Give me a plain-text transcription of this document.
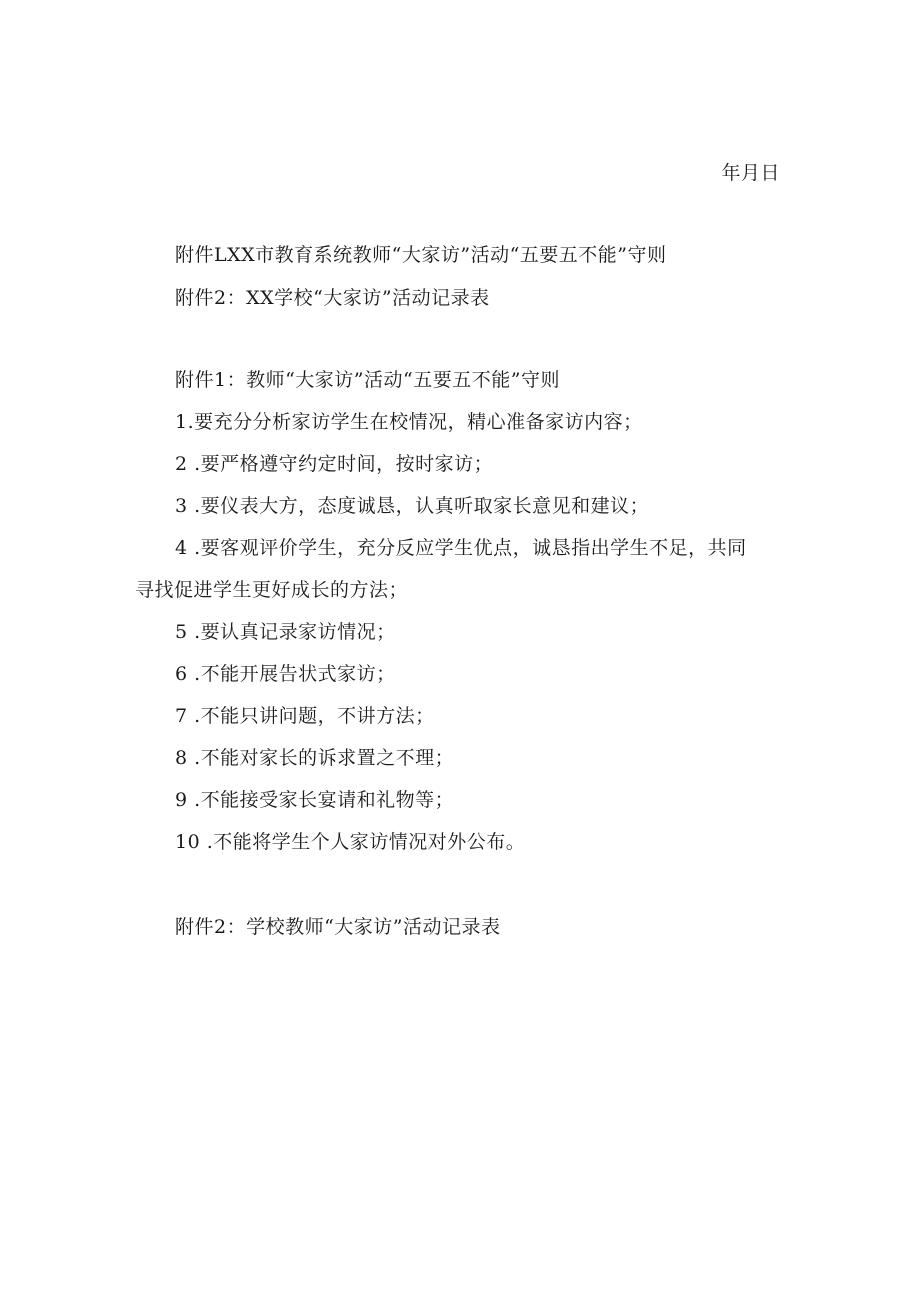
年月日
附件LXX市教育系统教师“大家访”活动“五要五不能”守则
附件2：XX学校“大家访”活动记录表
附件1：教师“大家访”活动“五要五不能”守则
1.要充分分析家访学生在校情况，精心准备家访内容；
2 .要严格遵守约定时间，按时家访；
3 .要仪表大方，态度诚恳，认真听取家长意见和建议；
4 .要客观评价学生，充分反应学生优点，诚恳指出学生不足，共同
寻找促进学生更好成长的方法；
5 .要认真记录家访情况；
6 .不能开展告状式家访；
7 .不能只讲问题，不讲方法；
8 .不能对家长的诉求置之不理；
9 .不能接受家长宴请和礼物等；
10 .不能将学生个人家访情况对外公布。
附件2：学校教师“大家访”活动记录表
